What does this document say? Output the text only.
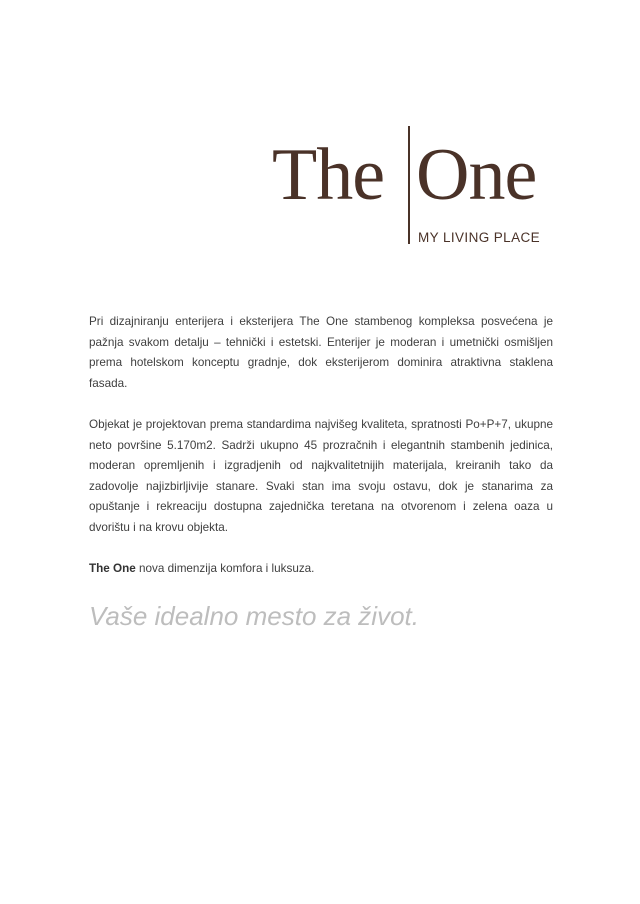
The One
MY LIVING PLACE

Pri dizajniranju enterijera i eksterijera The One stambenog kompleksa posvećena je pažnja svakom detalju – tehnički i estetski. Enterijer je moderan i umetnički osmišljen prema hotelskom konceptu gradnje, dok eksterijerom dominira atraktivna staklena fasada.

Objekat je projektovan prema standardima najvišeg kvaliteta, spratnosti Po+P+7, ukupne neto površine 5.170m2. Sadrži ukupno 45 prozračnih i elegantnih stambenih jedinica, moderan opremljenih i izgradjenih od najkvalitetnijih materijala, kreiranih tako da zadovolje najizbirljivije stanare. Svaki stan ima svoju ostavu, dok je stanarima za opuštanje i rekreaciju dostupna zajednička teretana na otvorenom i zelena oaza u dvorištu i na krovu objekta.

The One nova dimenzija komfora i luksuza.

Vaše idealno mesto za život.
